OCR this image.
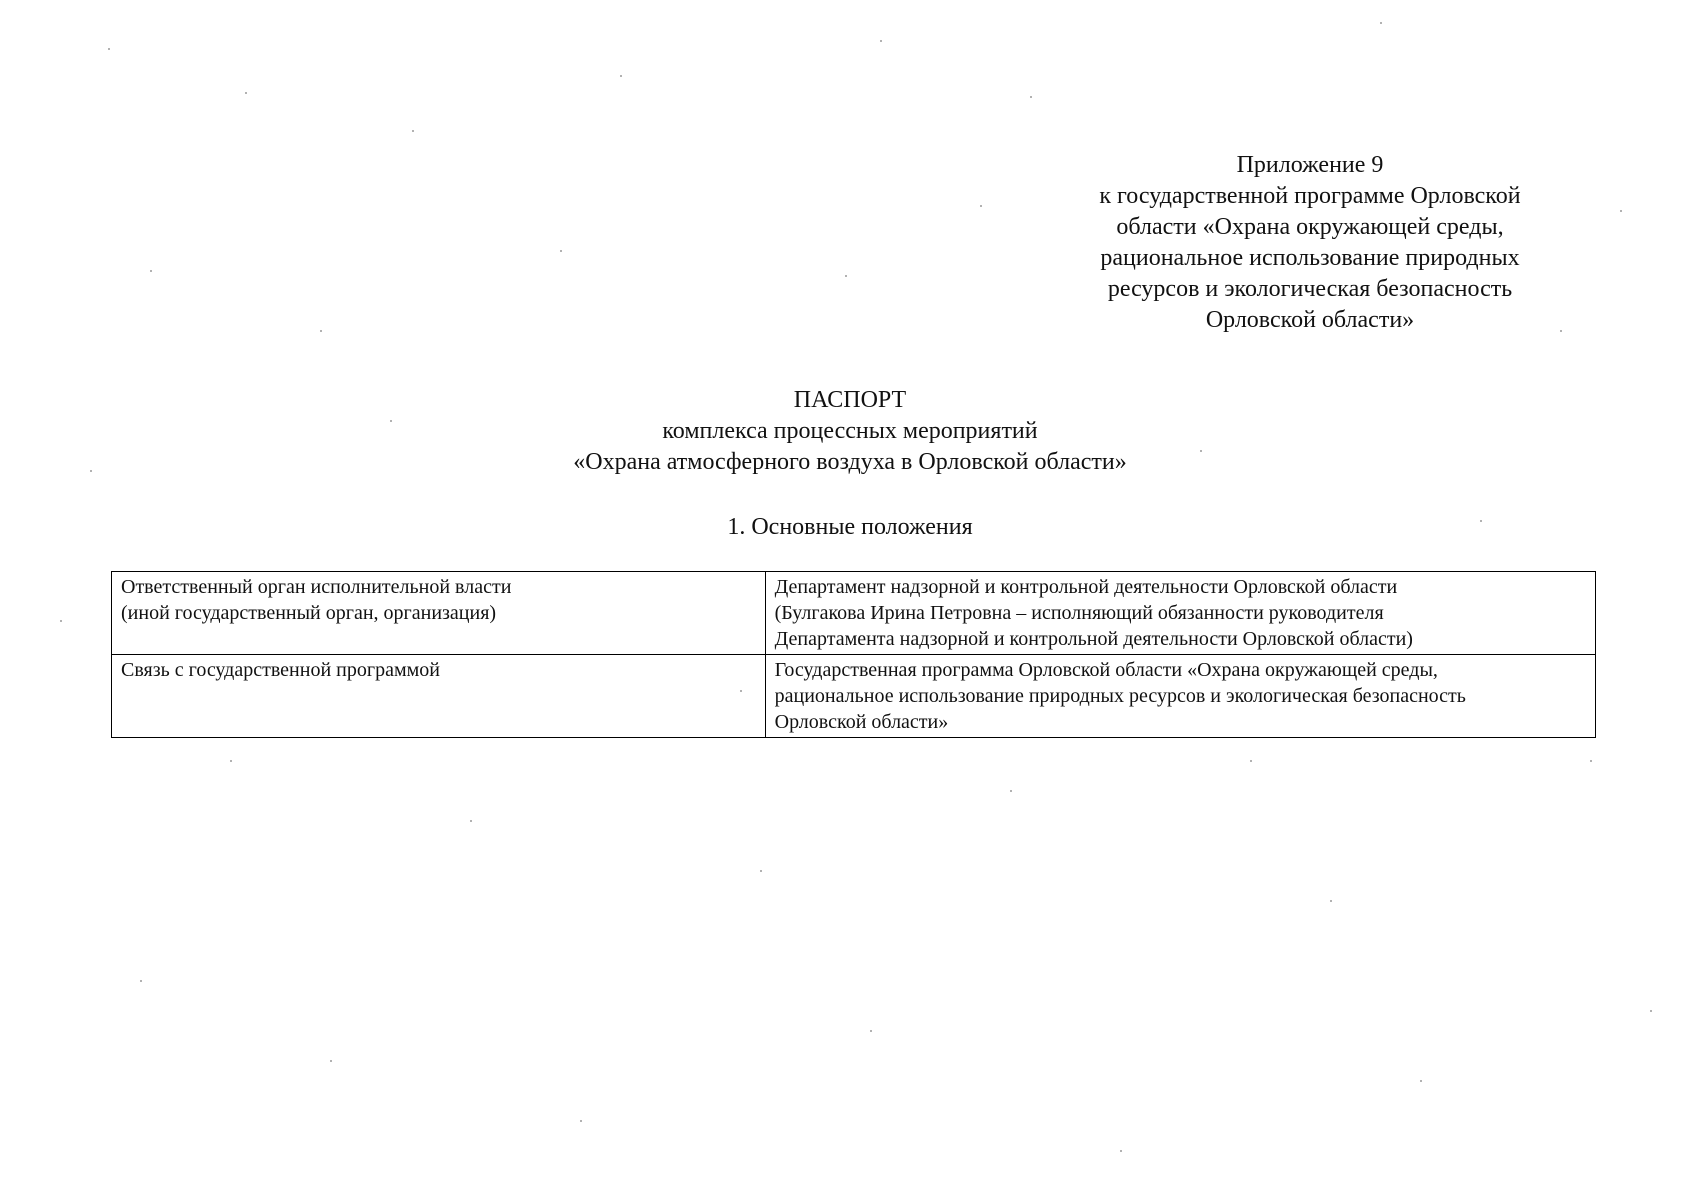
Приложение 9
к государственной программе Орловской
области «Охрана окружающей среды,
рациональное использование природных
ресурсов и экологическая безопасность
Орловской области»
ПАСПОРТ
комплекса процессных мероприятий
«Охрана атмосферного воздуха в Орловской области»
1. Основные положения
Ответственный орган исполнительной власти
(иной государственный орган, организация)	Департамент надзорной и контрольной деятельности Орловской области
(Булгакова Ирина Петровна – исполняющий обязанности руководителя
Департамента надзорной и контрольной деятельности Орловской области)

Связь с государственной программой	Государственная программа Орловской области «Охрана окружающей среды,
рациональное использование природных ресурсов и экологическая безопасность
Орловской области»
